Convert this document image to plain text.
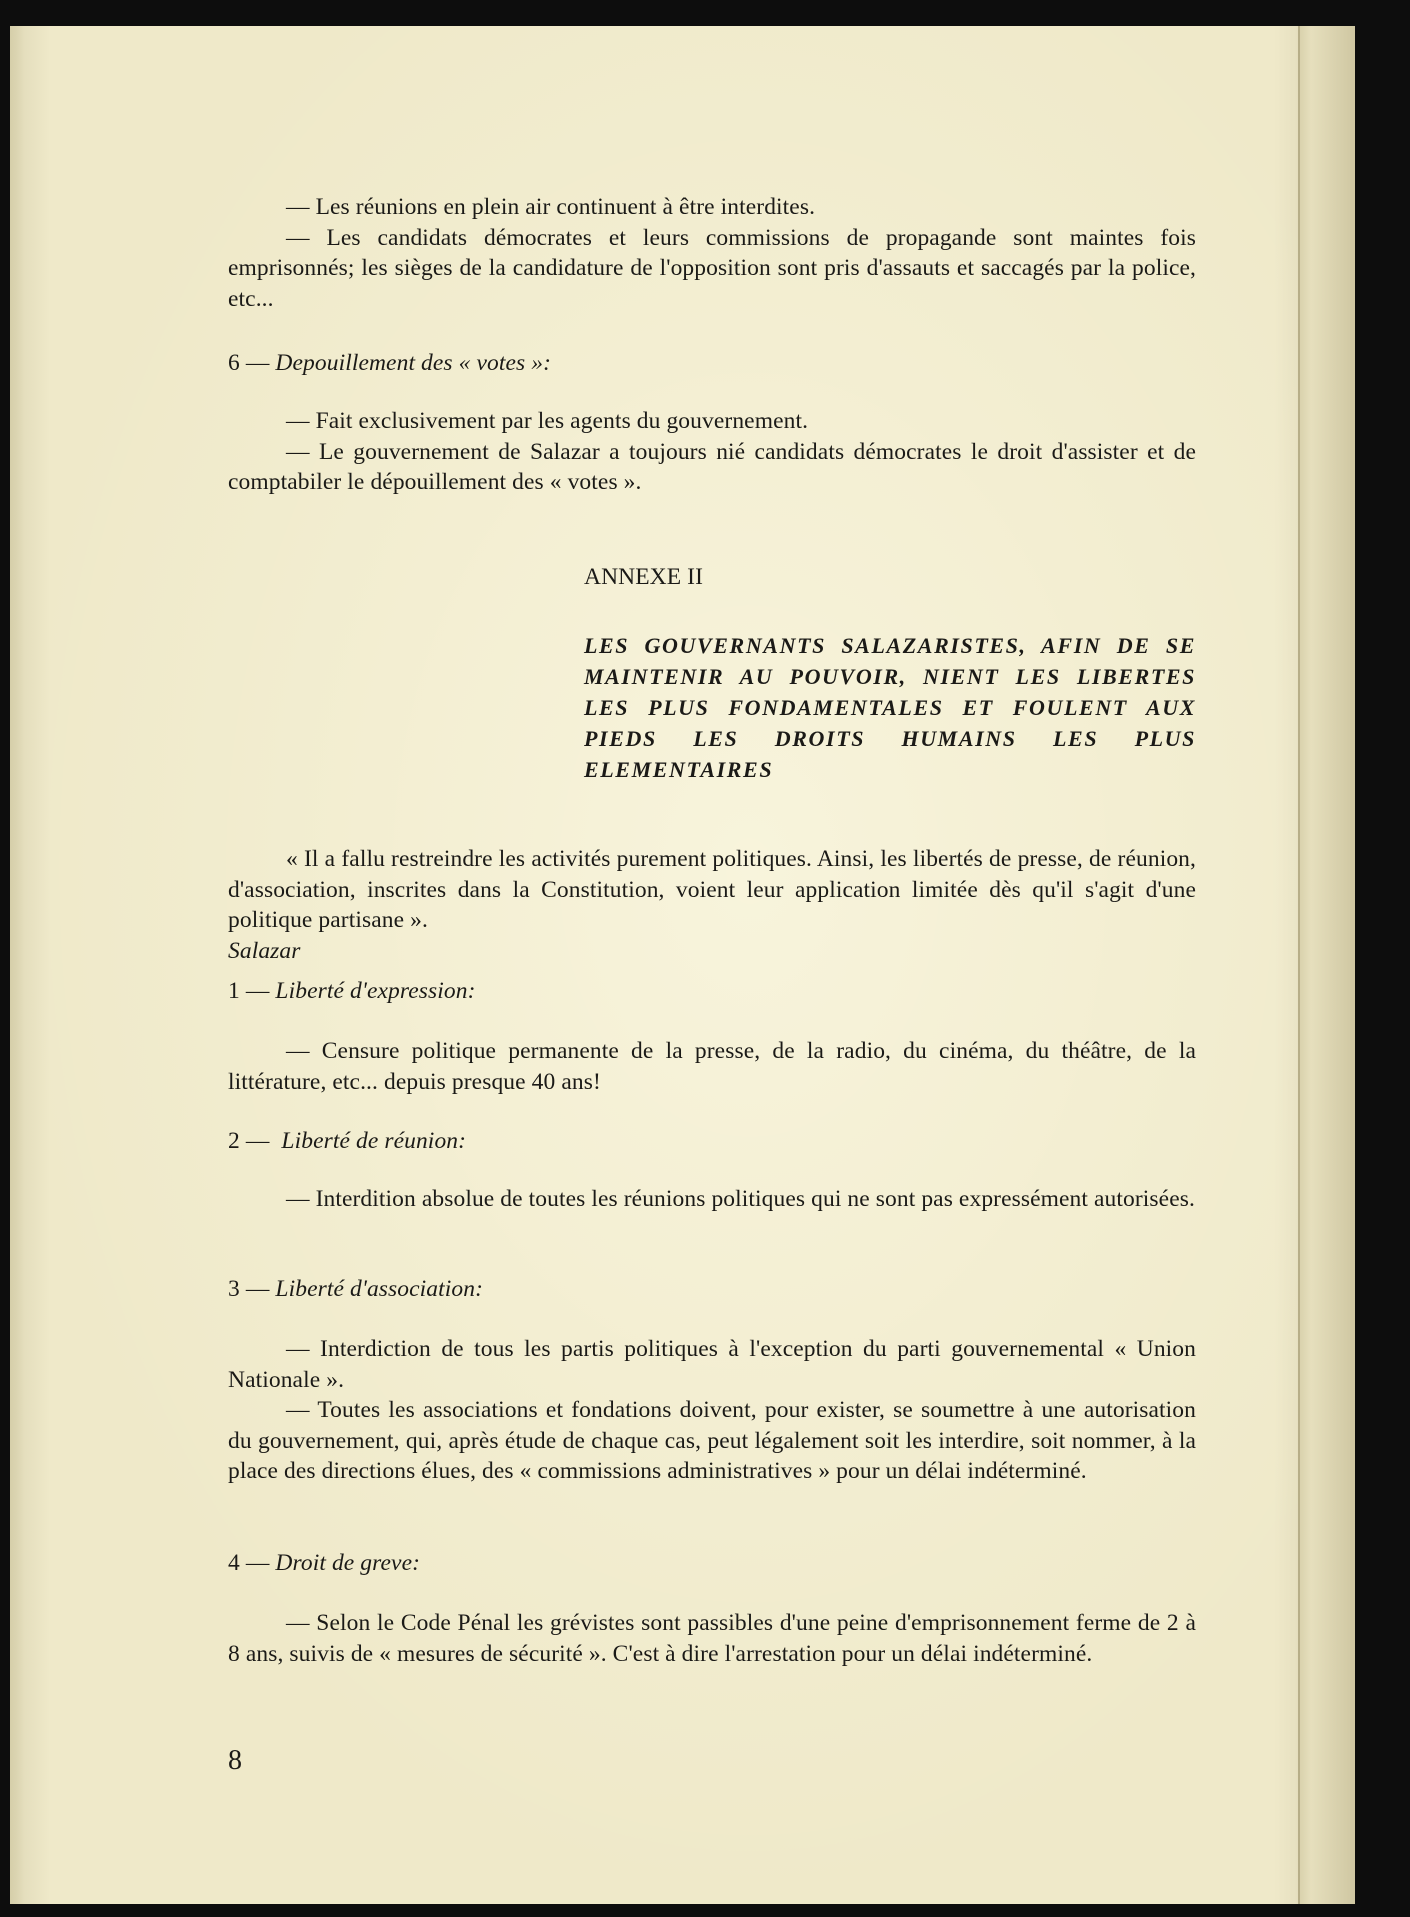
— Les réunions en plein air continuent à être interdites.
— Les candidats démocrates et leurs commissions de propagande sont maintes fois emprisonnés; les sièges de la candidature de l'opposition sont pris d'assauts et saccagés par la police, etc...
6 — Depouillement des « votes »:
— Fait exclusivement par les agents du gouvernement.
— Le gouvernement de Salazar a toujours nié candidats démocrates le droit d'assister et de comptabiler le dépouillement des « votes ».
ANNEXE II
LES GOUVERNANTS SALAZARISTES, AFIN DE SE MAINTENIR AU POUVOIR, NIENT LES LIBERTES LES PLUS FONDAMENTALES ET FOULENT AUX PIEDS LES DROITS HUMAINS LES PLUS ELEMENTAIRES
« Il a fallu restreindre les activités purement politiques. Ainsi, les libertés de presse, de réunion, d'association, inscrites dans la Constitution, voient leur application limitée dès qu'il s'agit d'une politique partisane ».
Salazar
1 — Liberté d'expression:
— Censure politique permanente de la presse, de la radio, du cinéma, du théâtre, de la littérature, etc... depuis presque 40 ans!
2 — Liberté de réunion:
— Interdition absolue de toutes les réunions politiques qui ne sont pas expressément autorisées.
3 — Liberté d'association:
— Interdiction de tous les partis politiques à l'exception du parti gouvernemental « Union Nationale ».
— Toutes les associations et fondations doivent, pour exister, se soumettre à une autorisation du gouvernement, qui, après étude de chaque cas, peut légalement soit les interdire, soit nommer, à la place des directions élues, des « commissions administratives » pour un délai indéterminé.
4 — Droit de greve:
— Selon le Code Pénal les grévistes sont passibles d'une peine d'emprisonnement ferme de 2 à 8 ans, suivis de « mesures de sécurité ». C'est à dire l'arrestation pour un délai indéterminé.
8
